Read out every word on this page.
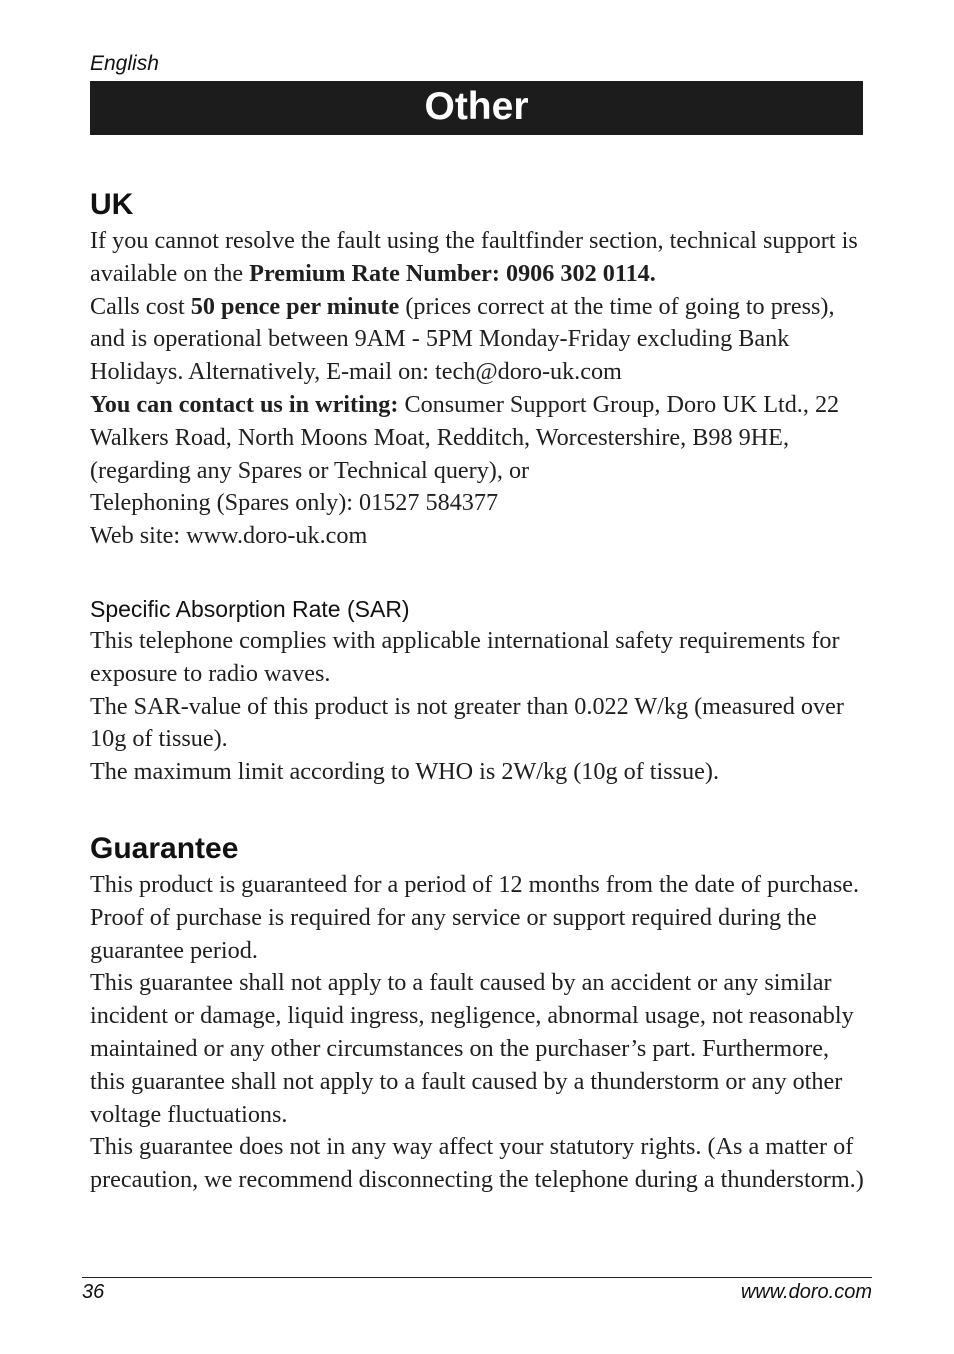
English
Other
UK

If you cannot resolve the fault using the faultfinder section, technical support is available on the Premium Rate Number: 0906 302 0114.

Calls cost 50 pence per minute (prices correct at the time of going to press), and is operational between 9AM - 5PM Monday-Friday excluding Bank Holidays. Alternatively, E-mail on: tech@doro-uk.com

You can contact us in writing: Consumer Support Group, Doro UK Ltd., 22 Walkers Road, North Moons Moat, Redditch, Worcestershire, B98 9HE, (regarding any Spares or Technical query), or

Telephoning (Spares only): 01527 584377

Web site: www.doro-uk.com

Specific Absorption Rate (SAR)

This telephone complies with applicable international safety requirements for exposure to radio waves.

The SAR-value of this product is not greater than 0.022 W/kg (measured over 10g of tissue).

The maximum limit according to WHO is 2W/kg (10g of tissue).

Guarantee

This product is guaranteed for a period of 12 months from the date of purchase.

Proof of purchase is required for any service or support required during the guarantee period.

This guarantee shall not apply to a fault caused by an accident or any similar incident or damage, liquid ingress, negligence, abnormal usage, not reasonably maintained or any other circumstances on the purchaser’s part. Furthermore, this guarantee shall not apply to a fault caused by a thunderstorm or any other voltage fluctuations.

This guarantee does not in any way affect your statutory rights. (As a matter of precaution, we recommend disconnecting the telephone during a thunderstorm.)

36	www.doro.com
